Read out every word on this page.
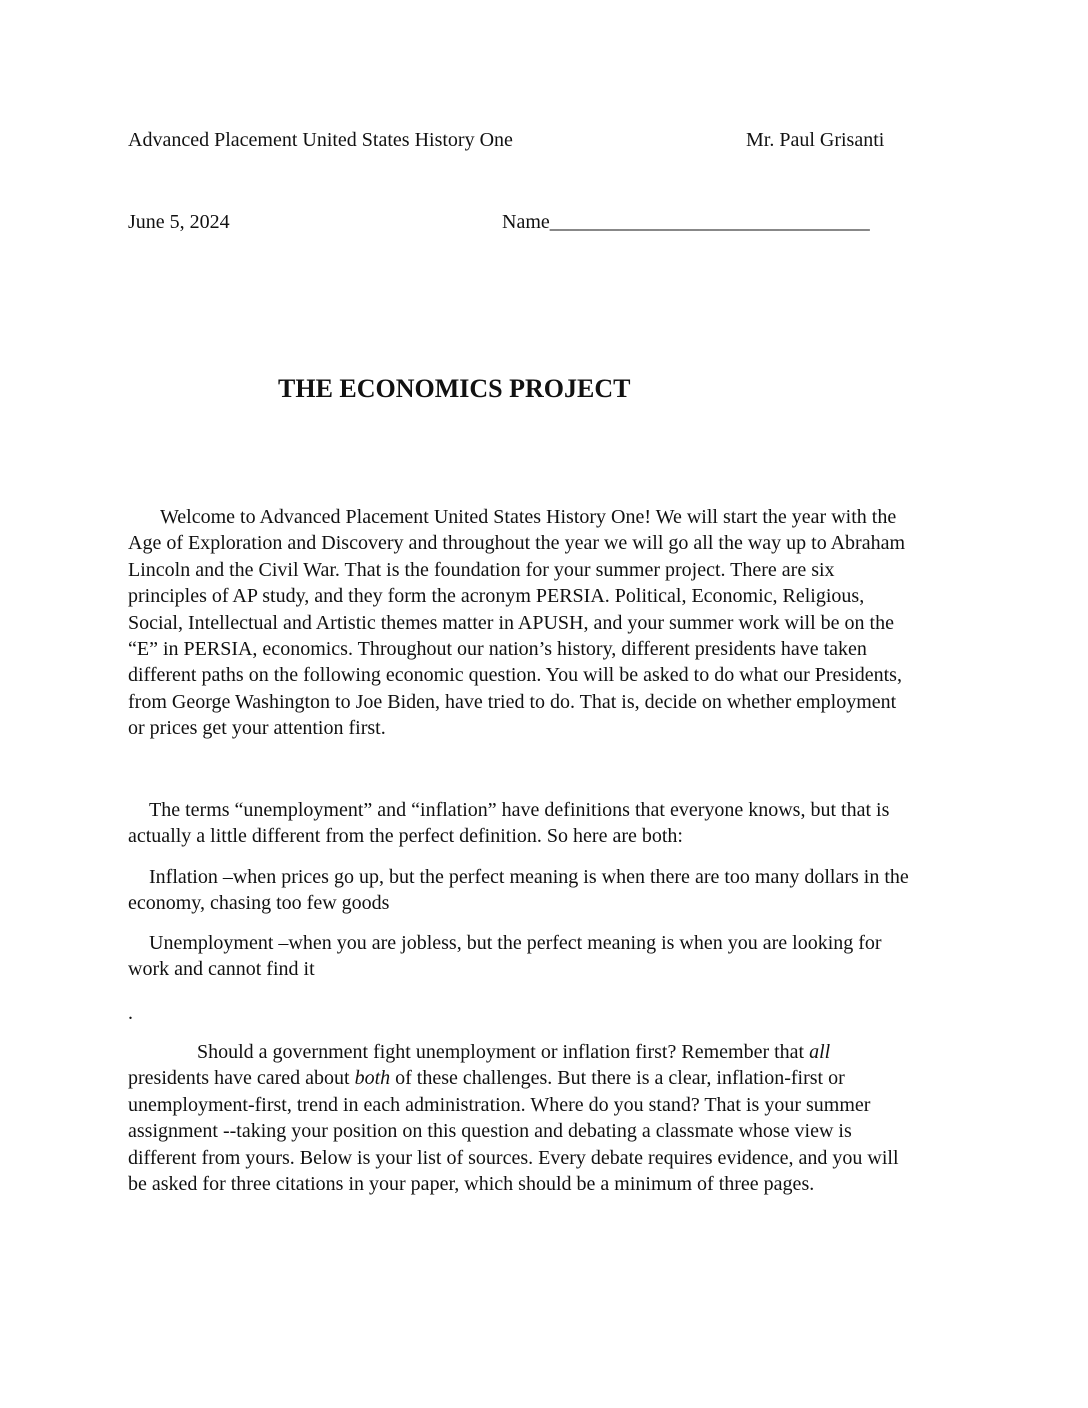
Advanced Placement United States History One	Mr. Paul Grisanti
June 5, 2024	Name________________________________
THE ECONOMICS PROJECT
Welcome to Advanced Placement United States History One! We will start the year with the
Age of Exploration and Discovery and throughout the year we will go all the way up to Abraham
Lincoln and the Civil War. That is the foundation for your summer project. There are six
principles of AP study, and they form the acronym PERSIA. Political, Economic, Religious,
Social, Intellectual and Artistic themes matter in APUSH, and your summer work will be on the
“E” in PERSIA, economics. Throughout our nation’s history, different presidents have taken
different paths on the following economic question. You will be asked to do what our Presidents,
from George Washington to Joe Biden, have tried to do. That is, decide on whether employment
or prices get your attention first.
The terms “unemployment” and “inflation” have definitions that everyone knows, but that is
actually a little different from the perfect definition. So here are both:
Inflation –when prices go up, but the perfect meaning is when there are too many dollars in the
economy, chasing too few goods
Unemployment –when you are jobless, but the perfect meaning is when you are looking for
work and cannot find it
.
Should a government fight unemployment or inflation first? Remember that all
presidents have cared about both of these challenges. But there is a clear, inflation-first or
unemployment-first, trend in each administration. Where do you stand? That is your summer
assignment --taking your position on this question and debating a classmate whose view is
different from yours. Below is your list of sources. Every debate requires evidence, and you will
be asked for three citations in your paper, which should be a minimum of three pages.
